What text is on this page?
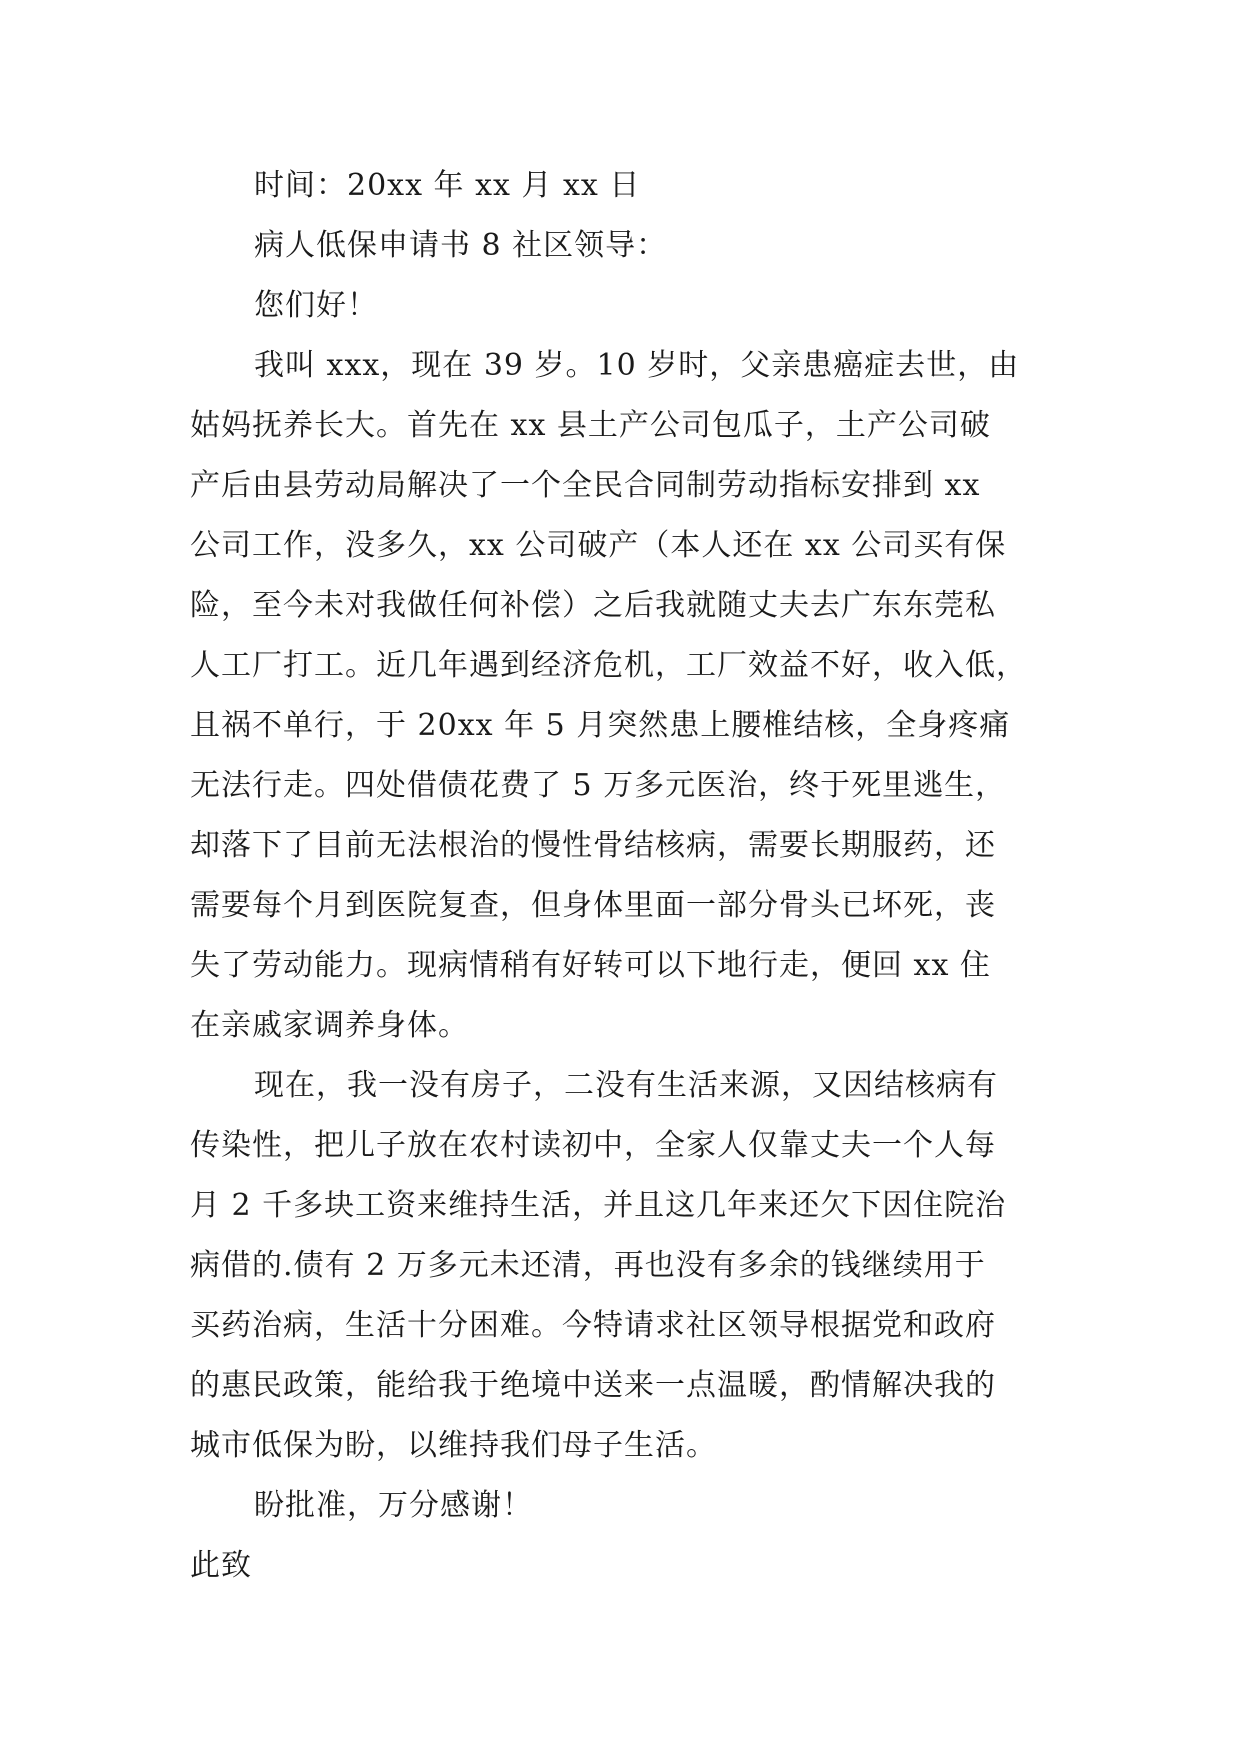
时间：20xx 年 xx 月 xx 日
病人低保申请书 8 社区领导：
您们好！
我叫 xxx，现在 39 岁。10 岁时，父亲患癌症去世，由
姑妈抚养长大。首先在 xx 县土产公司包瓜子，土产公司破
产后由县劳动局解决了一个全民合同制劳动指标安排到 xx
公司工作，没多久，xx 公司破产（本人还在 xx 公司买有保
险，至今未对我做任何补偿）之后我就随丈夫去广东东莞私
人工厂打工。近几年遇到经济危机，工厂效益不好，收入低，
且祸不单行，于 20xx 年 5 月突然患上腰椎结核，全身疼痛
无法行走。四处借债花费了 5 万多元医治，终于死里逃生，
却落下了目前无法根治的慢性骨结核病，需要长期服药，还
需要每个月到医院复查，但身体里面一部分骨头已坏死，丧
失了劳动能力。现病情稍有好转可以下地行走，便回 xx 住
在亲戚家调养身体。
现在，我一没有房子，二没有生活来源，又因结核病有
传染性，把儿子放在农村读初中，全家人仅靠丈夫一个人每
月 2 千多块工资来维持生活，并且这几年来还欠下因住院治
病借的.债有 2 万多元未还清，再也没有多余的钱继续用于
买药治病，生活十分困难。今特请求社区领导根据党和政府
的惠民政策，能给我于绝境中送来一点温暖，酌情解决我的
城市低保为盼，以维持我们母子生活。
盼批准，万分感谢！
此致
